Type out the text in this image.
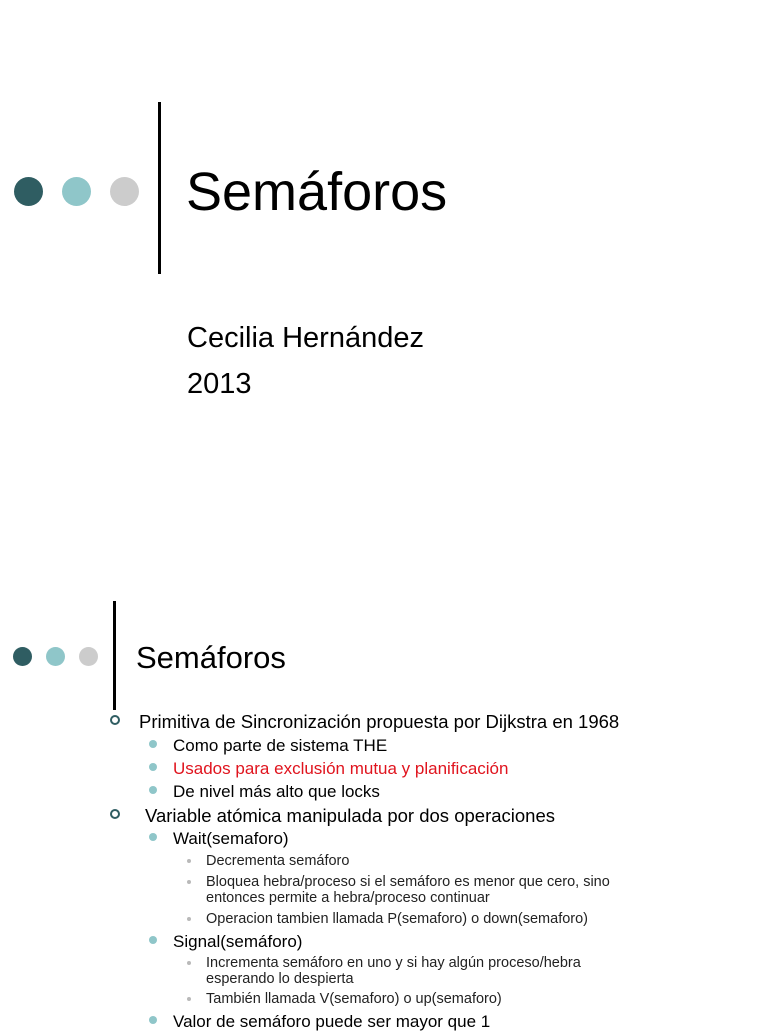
Semáforos
Cecilia Hernández
2013
Semáforos
Primitiva de Sincronización propuesta por Dijkstra en 1968
Como parte de sistema THE
Usados para exclusión mutua y planificación
De nivel más alto que locks
Variable atómica manipulada por dos operaciones
Wait(semaforo)
Decrementa semáforo
Bloquea hebra/proceso si el semáforo es menor que cero, sino
entonces permite a hebra/proceso continuar
Operacion tambien llamada P(semaforo) o down(semaforo)
Signal(semáforo)
Incrementa semáforo en uno y si hay algún proceso/hebra
esperando lo despierta
También llamada V(semaforo) o up(semaforo)
Valor de semáforo puede ser mayor que 1
